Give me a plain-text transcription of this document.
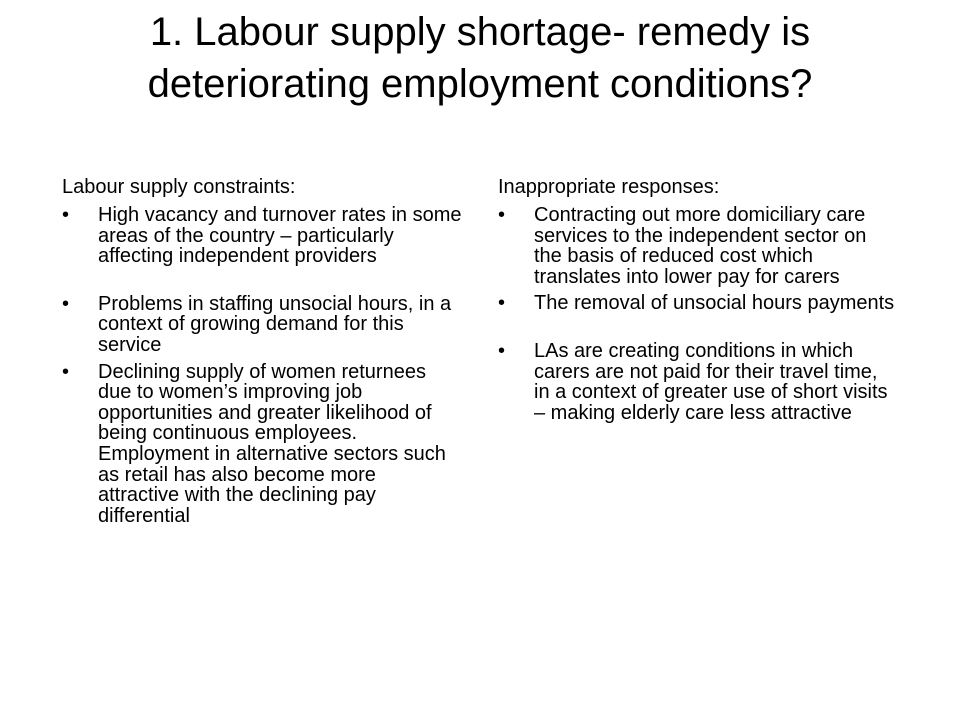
1. Labour supply shortage- remedy is deteriorating employment conditions?
Labour supply constraints:
• High vacancy and turnover rates in some areas of the country – particularly affecting independent providers
• Problems in staffing unsocial hours, in a context of growing demand for this service
• Declining supply of women returnees due to women’s improving job opportunities and greater likelihood of being continuous employees. Employment in alternative sectors such as retail has also become more attractive with the declining pay differential
Inappropriate responses:
• Contracting out more domiciliary care services to the independent sector on the basis of reduced cost which translates into lower pay for carers
• The removal of unsocial hours payments
• LAs are creating conditions in which carers are not paid for their travel time, in a context of greater use of short visits – making elderly care less attractive
